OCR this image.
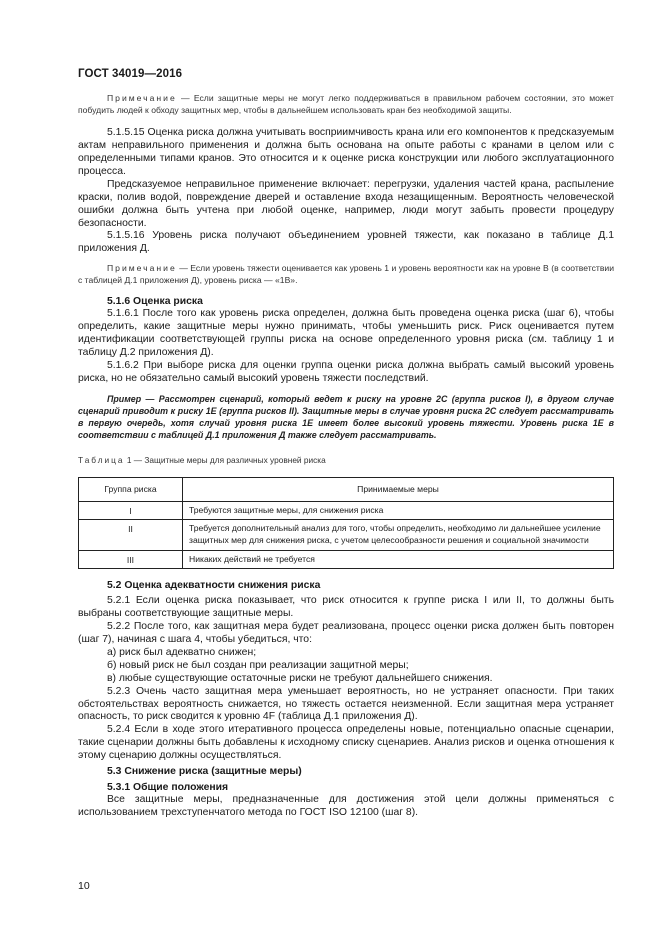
ГОСТ 34019—2016

Примечание — Если защитные меры не могут легко поддерживаться в правильном рабочем состоянии, это может побудить людей к обходу защитных мер, чтобы в дальнейшем использовать кран без необходимой защиты.

5.1.5.15 Оценка риска должна учитывать восприимчивость крана или его компонентов к предсказуемым актам неправильного применения и должна быть основана на опыте работы с кранами в целом или с определенными типами кранов. Это относится и к оценке риска конструкции или любого эксплуатационного процесса.

Предсказуемое неправильное применение включает: перегрузки, удаления частей крана, распыление краски, полив водой, повреждение дверей и оставление входа незащищенным. Вероятность человеческой ошибки должна быть учтена при любой оценке, например, люди могут забыть провести процедуру безопасности.

5.1.5.16 Уровень риска получают объединением уровней тяжести, как показано в таблице Д.1 приложения Д.

Примечание — Если уровень тяжести оценивается как уровень 1 и уровень вероятности как на уровне В (в соответствии с таблицей Д.1 приложения Д), уровень риска — «1В».

5.1.6 Оценка риска

5.1.6.1 После того как уровень риска определен, должна быть проведена оценка риска (шаг 6), чтобы определить, какие защитные меры нужно принимать, чтобы уменьшить риск. Риск оценивается путем идентификации соответствующей группы риска на основе определенного уровня риска (см. таблицу 1 и таблицу Д.2 приложения Д).

5.1.6.2 При выборе риска для оценки группа оценки риска должна выбрать самый высокий уровень риска, но не обязательно самый высокий уровень тяжести последствий.

Пример — Рассмотрен сценарий, который ведет к риску на уровне 2С (группа рисков I), в другом случае сценарий приводит к риску 1Е (группа рисков II). Защитные меры в случае уровня риска 2С следует рассматривать в первую очередь, хотя случай уровня риска 1Е имеет более высокий уровень тяжести. Уровень риска 1Е в соответствии с таблицей Д.1 приложения Д также следует рассматривать.

Таблица 1 — Защитные меры для различных уровней риска
Группа риска	Принимаемые меры
I	Требуются защитные меры, для снижения риска
II	Требуется дополнительный анализ для того, чтобы определить, необходимо ли дальнейшее усиление защитных мер для снижения риска, с учетом целесообразности решения и социальной значимости
III	Никаких действий не требуется
5.2 Оценка адекватности снижения риска

5.2.1 Если оценка риска показывает, что риск относится к группе риска I или II, то должны быть выбраны соответствующие защитные меры.

5.2.2 После того, как защитная мера будет реализована, процесс оценки риска должен быть повторен (шаг 7), начиная с шага 4, чтобы убедиться, что:

а) риск был адекватно снижен;
б) новый риск не был создан при реализации защитной меры;
в) любые существующие остаточные риски не требуют дальнейшего снижения.

5.2.3 Очень часто защитная мера уменьшает вероятность, но не устраняет опасности. При таких обстоятельствах вероятность снижается, но тяжесть остается неизменной. Если защитная мера устраняет опасность, то риск сводится к уровню 4F (таблица Д.1 приложения Д).

5.2.4 Если в ходе этого итеративного процесса определены новые, потенциально опасные сценарии, такие сценарии должны быть добавлены к исходному списку сценариев. Анализ рисков и оценка отношения к этому сценарию должны осуществляться.

5.3 Снижение риска (защитные меры)
5.3.1 Общие положения

Все защитные меры, предназначенные для достижения этой цели должны применяться с использованием трехступенчатого метода по ГОСТ ISO 12100 (шаг 8).

10
